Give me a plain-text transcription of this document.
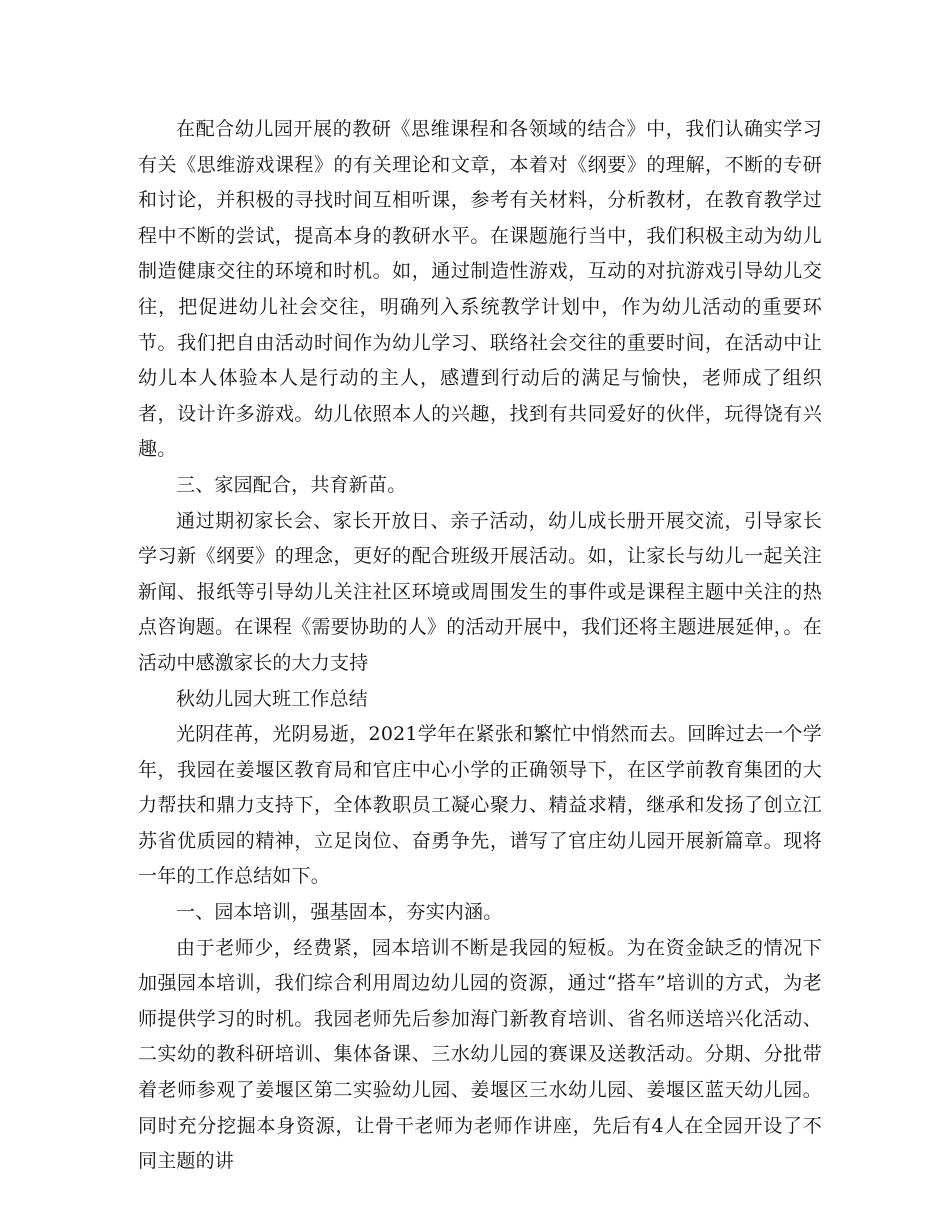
在配合幼儿园开展的教研《思维课程和各领域的结合》中，我们认确实学习有关《思维游戏课程》的有关理论和文章，本着对《纲要》的理解，不断的专研和讨论，并积极的寻找时间互相听课，参考有关材料，分析教材，在教育教学过程中不断的尝试，提高本身的教研水平。在课题施行当中，我们积极主动为幼儿制造健康交往的环境和时机。如，通过制造性游戏，互动的对抗游戏引导幼儿交往，把促进幼儿社会交往，明确列入系统教学计划中，作为幼儿活动的重要环节。我们把自由活动时间作为幼儿学习、联络社会交往的重要时间，在活动中让幼儿本人体验本人是行动的主人，感遭到行动后的满足与愉快，老师成了组织者，设计许多游戏。幼儿依照本人的兴趣，找到有共同爱好的伙伴，玩得饶有兴趣。

三、家园配合，共育新苗。

通过期初家长会、家长开放日、亲子活动，幼儿成长册开展交流，引导家长学习新《纲要》的理念，更好的配合班级开展活动。如，让家长与幼儿一起关注新闻、报纸等引导幼儿关注社区环境或周围发生的事件或是课程主题中关注的热点咨询题。在课程《需要协助的人》的活动开展中，我们还将主题进展延伸，。在活动中感激家长的大力支持

秋幼儿园大班工作总结

光阴荏苒，光阴易逝，2021学年在紧张和繁忙中悄然而去。回眸过去一个学年，我园在姜堰区教育局和官庄中心小学的正确领导下，在区学前教育集团的大力帮扶和鼎力支持下，全体教职员工凝心聚力、精益求精，继承和发扬了创立江苏省优质园的精神，立足岗位、奋勇争先，谱写了官庄幼儿园开展新篇章。现将一年的工作总结如下。

一、园本培训，强基固本，夯实内涵。

由于老师少，经费紧，园本培训不断是我园的短板。为在资金缺乏的情况下加强园本培训，我们综合利用周边幼儿园的资源，通过“搭车”培训的方式，为老师提供学习的时机。我园老师先后参加海门新教育培训、省名师送培兴化活动、二实幼的教科研培训、集体备课、三水幼儿园的赛课及送教活动。分期、分批带着老师参观了姜堰区第二实验幼儿园、姜堰区三水幼儿园、姜堰区蓝天幼儿园。同时充分挖掘本身资源，让骨干老师为老师作讲座，先后有4人在全园开设了不同主题的讲
